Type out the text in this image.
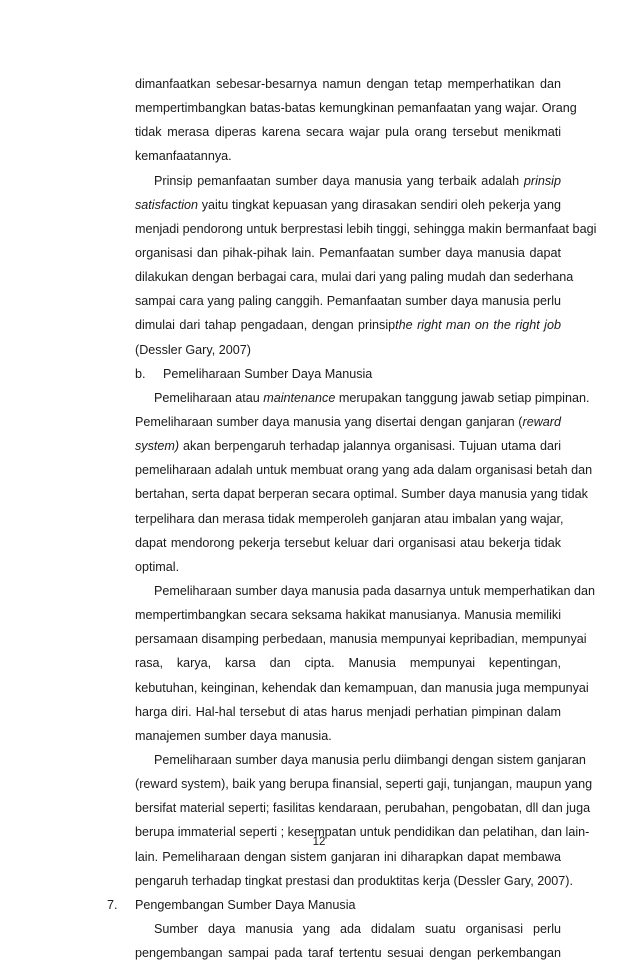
dimanfaatkan sebesar-besarnya namun dengan tetap memperhatikan dan
mempertimbangkan batas-batas kemungkinan pemanfaatan yang wajar. Orang
tidak merasa diperas karena secara wajar pula orang tersebut menikmati
kemanfaatannya.
Prinsip pemanfaatan sumber daya manusia yang terbaik adalah prinsip
satisfaction yaitu tingkat kepuasan yang dirasakan sendiri oleh pekerja yang
menjadi pendorong untuk berprestasi lebih tinggi, sehingga makin bermanfaat bagi
organisasi dan pihak-pihak lain. Pemanfaatan sumber daya manusia dapat
dilakukan dengan berbagai cara, mulai dari yang paling mudah dan sederhana
sampai cara yang paling canggih. Pemanfaatan sumber daya manusia perlu
dimulai dari tahap pengadaan, dengan prinsipthe right man on the right job
(Dessler Gary, 2007)
b. Pemeliharaan Sumber Daya Manusia
Pemeliharaan atau maintenance merupakan tanggung jawab setiap pimpinan.
Pemeliharaan sumber daya manusia yang disertai dengan ganjaran (reward
system) akan berpengaruh terhadap jalannya organisasi. Tujuan utama dari
pemeliharaan adalah untuk membuat orang yang ada dalam organisasi betah dan
bertahan, serta dapat berperan secara optimal. Sumber daya manusia yang tidak
terpelihara dan merasa tidak memperoleh ganjaran atau imbalan yang wajar,
dapat mendorong pekerja tersebut keluar dari organisasi atau bekerja tidak
optimal.
Pemeliharaan sumber daya manusia pada dasarnya untuk memperhatikan dan
mempertimbangkan secara seksama hakikat manusianya. Manusia memiliki
persamaan disamping perbedaan, manusia mempunyai kepribadian, mempunyai
rasa, karya, karsa dan cipta. Manusia mempunyai kepentingan,
kebutuhan, keinginan, kehendak dan kemampuan, dan manusia juga mempunyai
harga diri. Hal-hal tersebut di atas harus menjadi perhatian pimpinan dalam
manajemen sumber daya manusia.
Pemeliharaan sumber daya manusia perlu diimbangi dengan sistem ganjaran
(reward system), baik yang berupa finansial, seperti gaji, tunjangan, maupun yang
bersifat material seperti; fasilitas kendaraan, perubahan, pengobatan, dll dan juga
berupa immaterial seperti ; kesempatan untuk pendidikan dan pelatihan, dan lain-
lain. Pemeliharaan dengan sistem ganjaran ini diharapkan dapat membawa
pengaruh terhadap tingkat prestasi dan produktitas kerja (Dessler Gary, 2007).
7. Pengembangan Sumber Daya Manusia
Sumber daya manusia yang ada didalam suatu organisasi perlu
pengembangan sampai pada taraf tertentu sesuai dengan perkembangan
12
